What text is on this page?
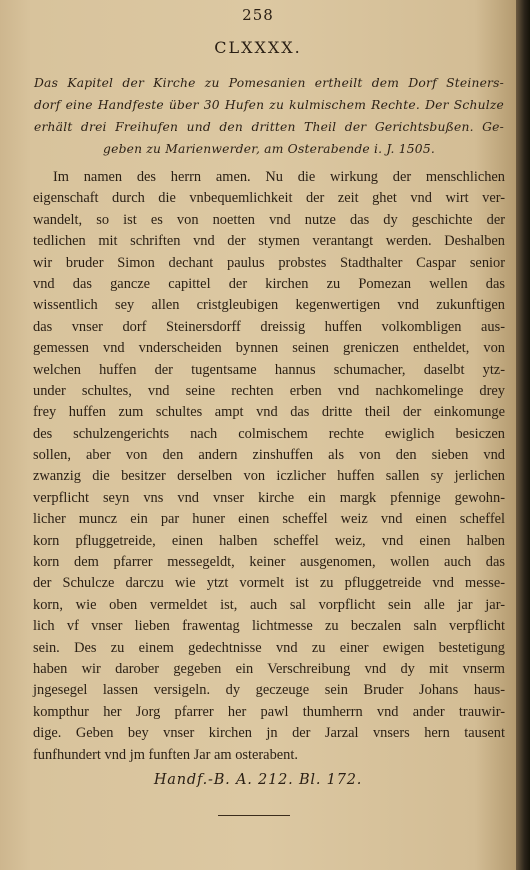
258
CLXXXX.
Das Kapitel der Kirche zu Pomesanien ertheilt dem Dorf Steiners-
dorf eine Handfeste über 30 Hufen zu kulmischem Rechte. Der Schulze
erhält drei Freihufen und den dritten Theil der Gerichtsbußen. Ge-
geben zu Marienwerder, am Osterabende i. J. 1505.
Im namen des herrn amen. Nu die wirkung der menschlichen
eigenschaft durch die vnbequemlichkeit der zeit ghet vnd wirt ver-
wandelt, so ist es von noetten vnd nutze das dy geschichte der
tedlichen mit schriften vnd der stymen verantangt werden. Deshalben
wir bruder Simon dechant paulus probstes Stadthalter Caspar senior
vnd das gancze capittel der kirchen zu Pomezan wellen das
wissentlich sey allen cristgleubigen kegenwertigen vnd zukunftigen
das vnser dorf Steinersdorff dreissig huffen volkombligen aus-
gemessen vnd vnderscheiden bynnen seinen greniczen entheldet, von
welchen huffen der tugentsame hannus schumacher, daselbt ytz-
under schultes, vnd seine rechten erben vnd nachkomelinge drey
frey huffen zum schultes ampt vnd das dritte theil der einkomunge
des schulzengerichts nach colmischem rechte ewiglich besiczen
sollen, aber von den andern zinshuffen als von den sieben vnd
zwanzig die besitzer derselben von iczlicher huffen sallen sy jerlichen
verpflicht seyn vns vnd vnser kirche ein margk pfennige gewohn-
licher muncz ein par huner einen scheffel weiz vnd einen scheffel
korn pfluggetreide, einen halben scheffel weiz, vnd einen halben
korn dem pfarrer messegeldt, keiner ausgenomen, wollen auch das
der Schulcze darczu wie ytzt vormelt ist zu pfluggetreide vnd messe-
korn, wie oben vermeldet ist, auch sal vorpflicht sein alle jar jar-
lich vf vnser lieben frawentag lichtmesse zu beczalen saln verpflicht
sein. Des zu einem gedechtnisse vnd zu einer ewigen bestetigung
haben wir darober gegeben ein Verschreibung vnd dy mit vnserm
jngesegel lassen versigeln. dy geczeuge sein Bruder Johans haus-
kompthur her Jorg pfarrer her pawl thumherrn vnd ander trauwir-
dige. Geben bey vnser kirchen jn der Jarzal vnsers hern tausent
funfhundert vnd jm funften Jar am osterabent.
Handf.-B. A. 212. Bl. 172.
